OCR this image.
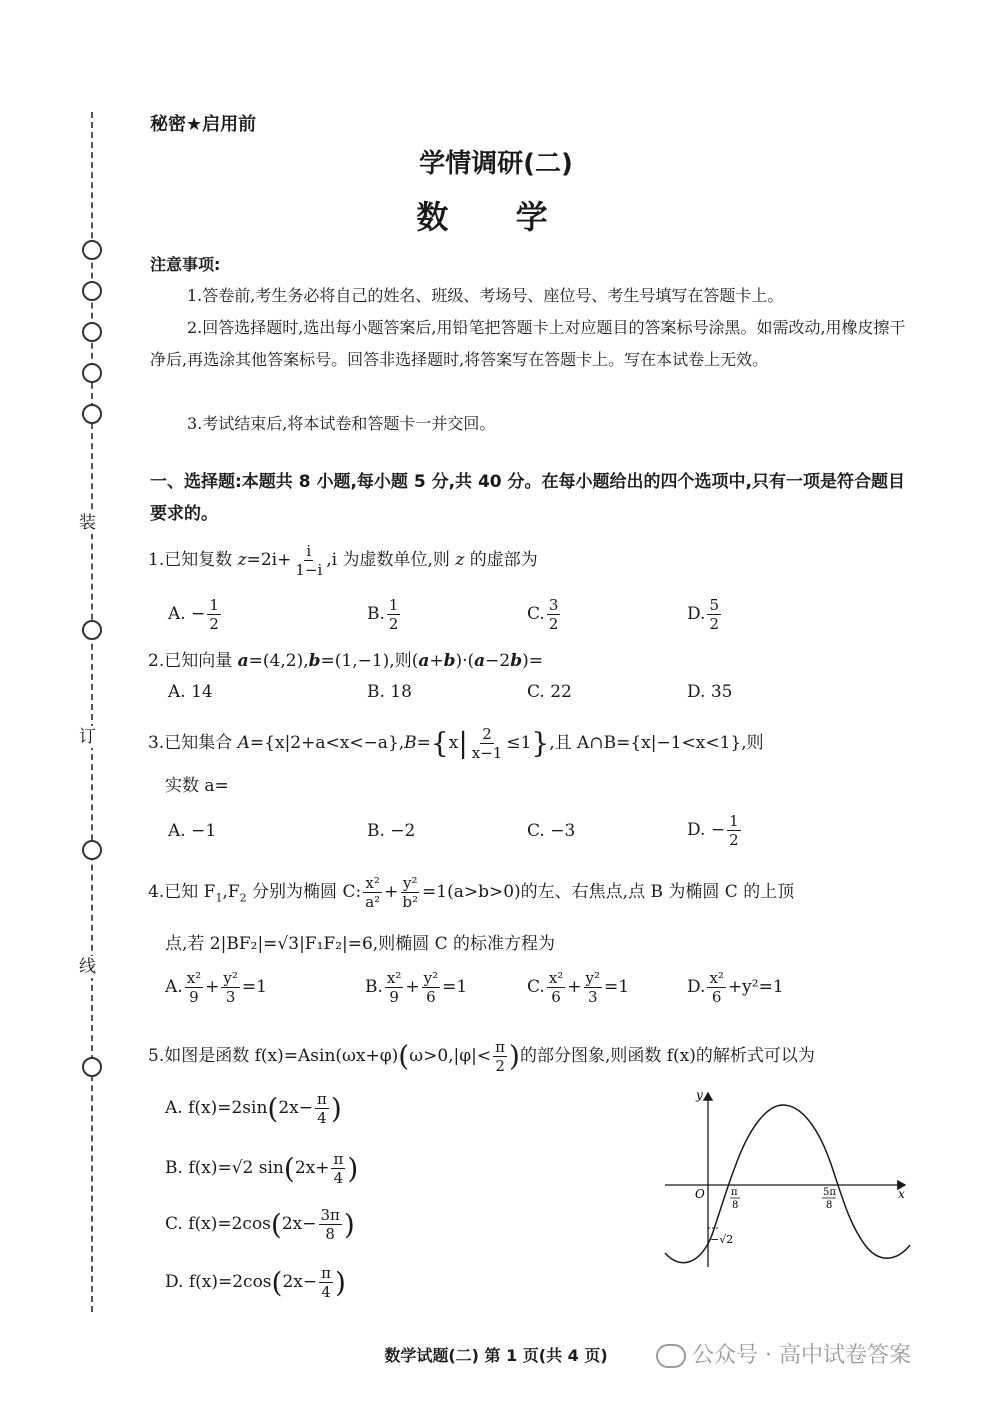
装
订
线
秘密★启用前
学情调研(二)
数 学
注意事项:
1.答卷前,考生务必将自己的姓名、班级、考场号、座位号、考生号填写在答题卡上。
2.回答选择题时,选出每小题答案后,用铅笔把答题卡上对应题目的答案标号涂黑。如需改动,用橡皮擦干净后,再选涂其他答案标号。回答非选择题时,将答案写在答题卡上。写在本试卷上无效。
3.考试结束后,将本试卷和答题卡一并交回。
一、选择题:本题共 8 小题,每小题 5 分,共 40 分。在每小题给出的四个选项中,只有一项是符合题目要求的。
1.已知复数 $z=2i+ \frac{i}{1-i} ,i$ 为虚数单位,则 z 的虚部为
A. − $\frac{1}{2}$	B. $\frac{1}{2}$	C. $\frac{3}{2}$	D. $\frac{5}{2}$
2.已知向量 a=(4,2),b=(1,−1),则(a+b)·(a−2b)=
A. 14	B. 18	C. 22	D. 35
3.已知集合 $A=\{x|2+a<x<-a\},B=\{x| \frac{2}{x-1} \le 1\}$,且 A∩B={x|−1<x<1},则
实数 a=
A. −1	B. −2	C. −3	D. − $\frac{1}{2}$
4.已知 $F_1,F_2$ 分别为椭圆 C: $\frac{\text{x²}}{\text{a²}} + \frac{\text{y²}}{\text{b²}} =1(a>b>0)$的左、右焦点,点 B 为椭圆 C 的上顶
点,若 2|BF₂|=√3|F₁F₂|=6,则椭圆 C 的标准方程为
A. $\frac{\text{x²}}{9} + \frac{\text{y²}}{3} =1$	B. $\frac{\text{x²}}{9} + \frac{\text{y²}}{6} =1$	C. $\frac{\text{x²}}{6} + \frac{\text{y²}}{3} =1$	D. $\frac{\text{x²}}{6} +y^2=1$
5.如图是函数 $f(x)=Asin(\omega x+\varphi)(\omega>0,|\varphi|< \frac{\pi}{2}$ )的部分图象,则函数 f(x)的解析式可以为
A. $f(x)=2\sin(2x- \frac{\pi}{4}$ )
B. f(x)=√2 $\sin(2x+ \frac{\pi}{4}$ )
C. $f(x)=2\cos(2x- \frac{3\pi}{8}$ )
D. $f(x)=2\cos(2x- \frac{\pi}{4}$ )
y
x
O	π
8
5π
8
−√2
数学试题(二) 第 1 页(共 4 页)	公众号 · 高中试卷答案
